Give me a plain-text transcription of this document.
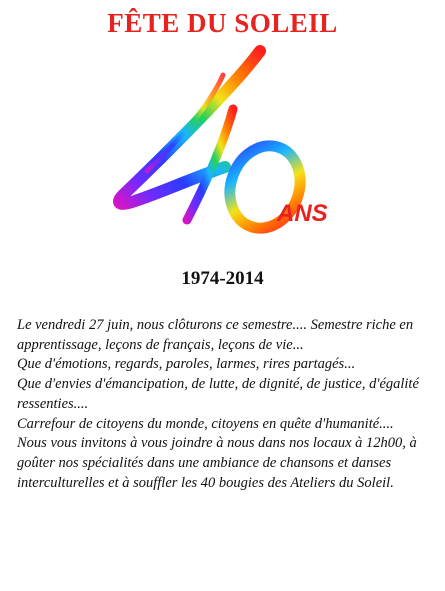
FÊTE DU SOLEIL
ANS
1974-2014

Le vendredi 27 juin, nous clôturons ce semestre.... Semestre riche en apprentissage, leçons de français, leçons de vie...

Que d'émotions, regards, paroles, larmes, rires partagés...

Que d'envies d'émancipation, de lutte, de dignité, de justice, d'égalité ressenties....

Carrefour de citoyens du monde, citoyens en quête d'humanité....

Nous vous invitons à vous joindre à nous dans nos locaux à 12h00, à goûter nos spécialités dans une ambiance de chansons et danses interculturelles et à souffler les 40 bougies des Ateliers du Soleil.
